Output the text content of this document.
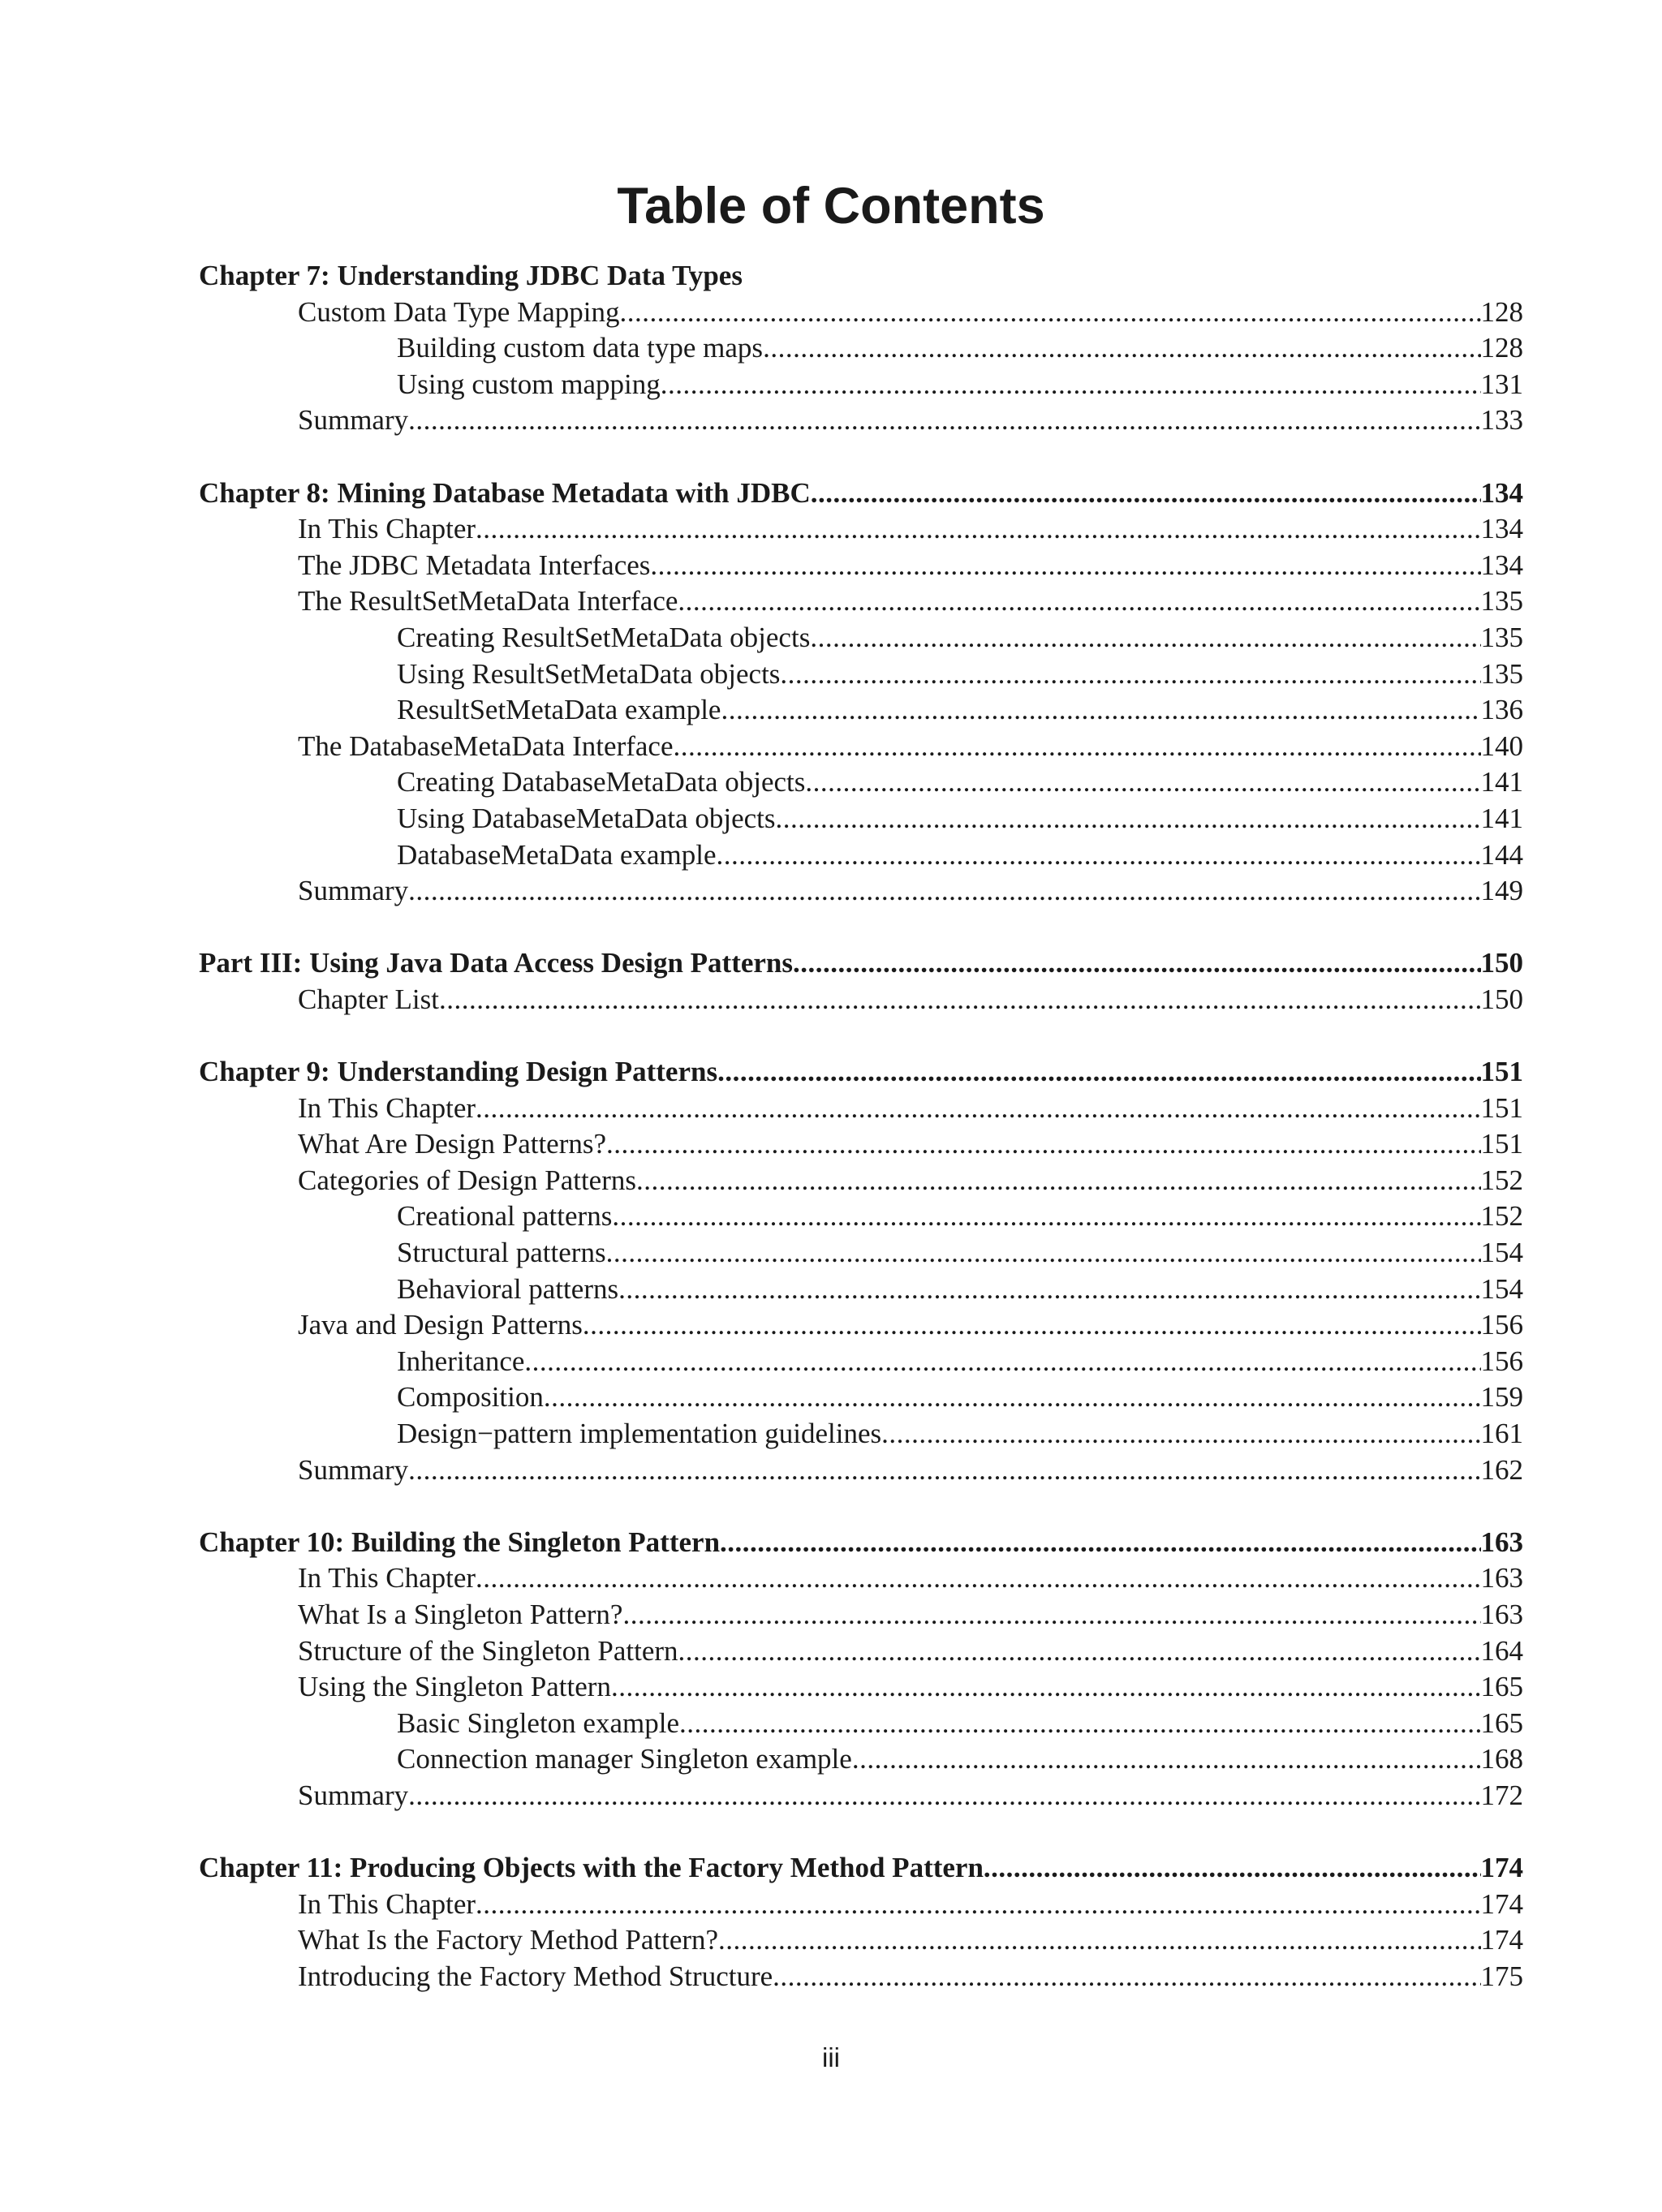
Table of Contents
Chapter 7: Understanding JDBC Data Types
Custom Data Type Mapping .....	128
Building custom data type maps .....	128
Using custom mapping .....	131
Summary .....	133
Chapter 8: Mining Database Metadata with JDBC .....	134
In This Chapter .....	134
The JDBC Metadata Interfaces .....	134
The ResultSetMetaData Interface .....	135
Creating ResultSetMetaData objects .....	135
Using ResultSetMetaData objects .....	135
ResultSetMetaData example .....	136
The DatabaseMetaData Interface .....	140
Creating DatabaseMetaData objects .....	141
Using DatabaseMetaData objects .....	141
DatabaseMetaData example .....	144
Summary .....	149
Part III: Using Java Data Access Design Patterns .....	150
Chapter List .....	150
Chapter 9: Understanding Design Patterns .....	151
In This Chapter .....	151
What Are Design Patterns? .....	151
Categories of Design Patterns .....	152
Creational patterns .....	152
Structural patterns .....	154
Behavioral patterns .....	154
Java and Design Patterns .....	156
Inheritance .....	156
Composition .....	159
Design−pattern implementation guidelines .....	161
Summary .....	162
Chapter 10: Building the Singleton Pattern .....	163
In This Chapter .....	163
What Is a Singleton Pattern? .....	163
Structure of the Singleton Pattern .....	164
Using the Singleton Pattern .....	165
Basic Singleton example .....	165
Connection manager Singleton example .....	168
Summary .....	172
Chapter 11: Producing Objects with the Factory Method Pattern .....	174
In This Chapter .....	174
What Is the Factory Method Pattern? .....	174
Introducing the Factory Method Structure .....	175
iii
